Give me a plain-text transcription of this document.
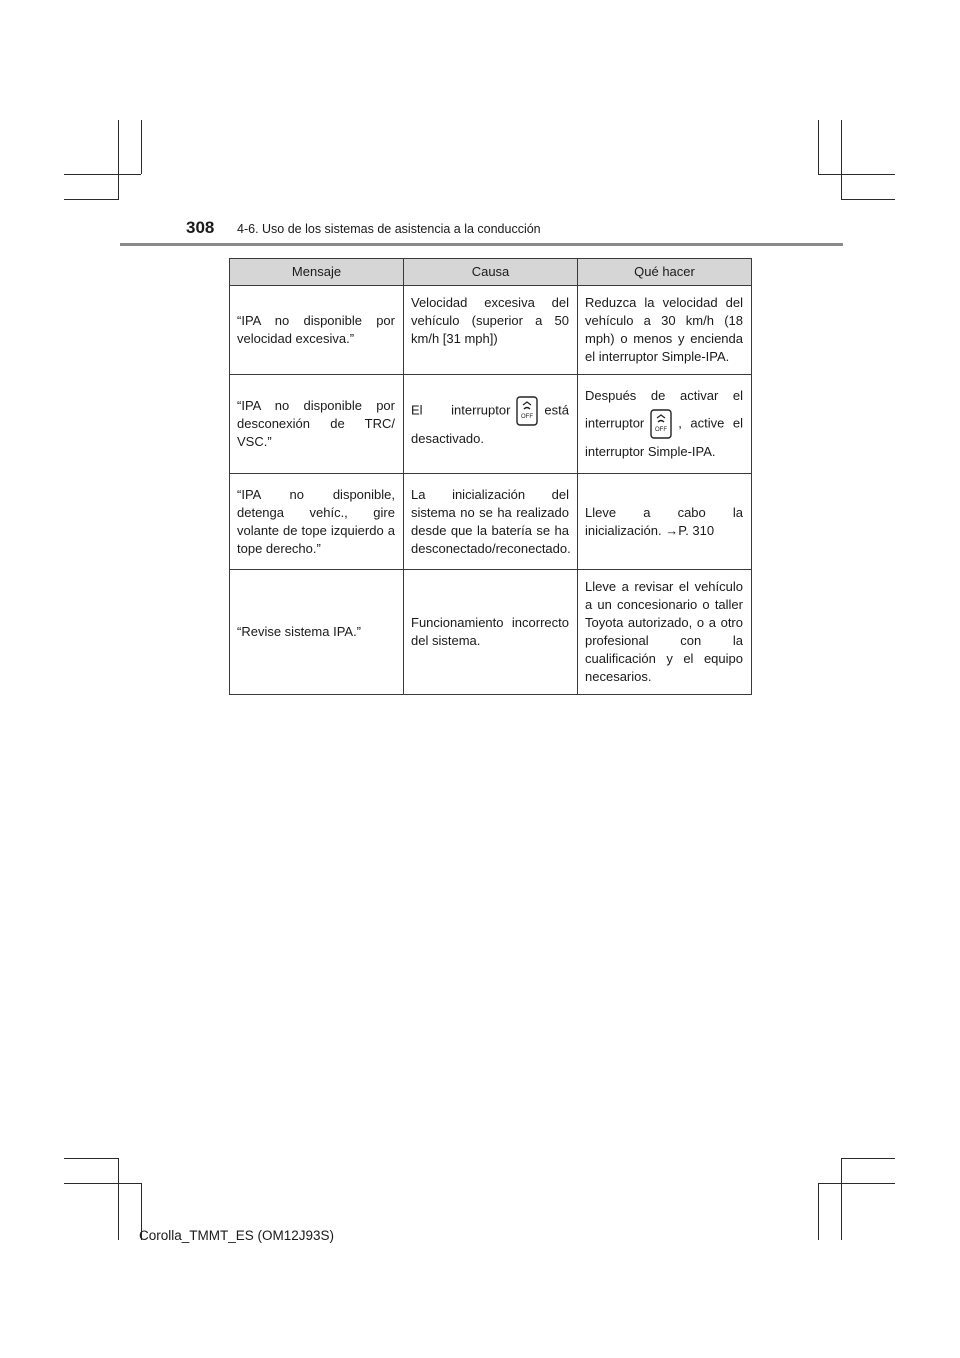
308 4-6. Uso de los sistemas de asistencia a la conducción
Mensaje	Causa	Qué hacer
“IPA no disponible por velocidad excesiva.”	Velocidad excesiva del vehículo (superior a 50 km/h [31 mph])	Reduzca la velocidad del vehículo a 30 km/h (18 mph) o menos y encienda el interruptor Simple-IPA.
“IPA no disponible por desconexión de TRC/ VSC.”	El interruptor OFF está desactivado.	Después de activar el interruptor OFF , active el interruptor Simple-IPA.
“IPA no disponible, detenga vehíc., gire volante de tope izquierdo a tope derecho.”	La inicialización del sistema no se ha realizado desde que la batería se ha desconectado/reconectado.	Lleve a cabo la inicialización. →P. 310
“Revise sistema IPA.”	Funcionamiento incorrecto del sistema.	Lleve a revisar el vehículo a un concesionario o taller Toyota autorizado, o a otro profesional con la cualificación y el equipo necesarios.
Corolla_TMMT_ES (OM12J93S)
